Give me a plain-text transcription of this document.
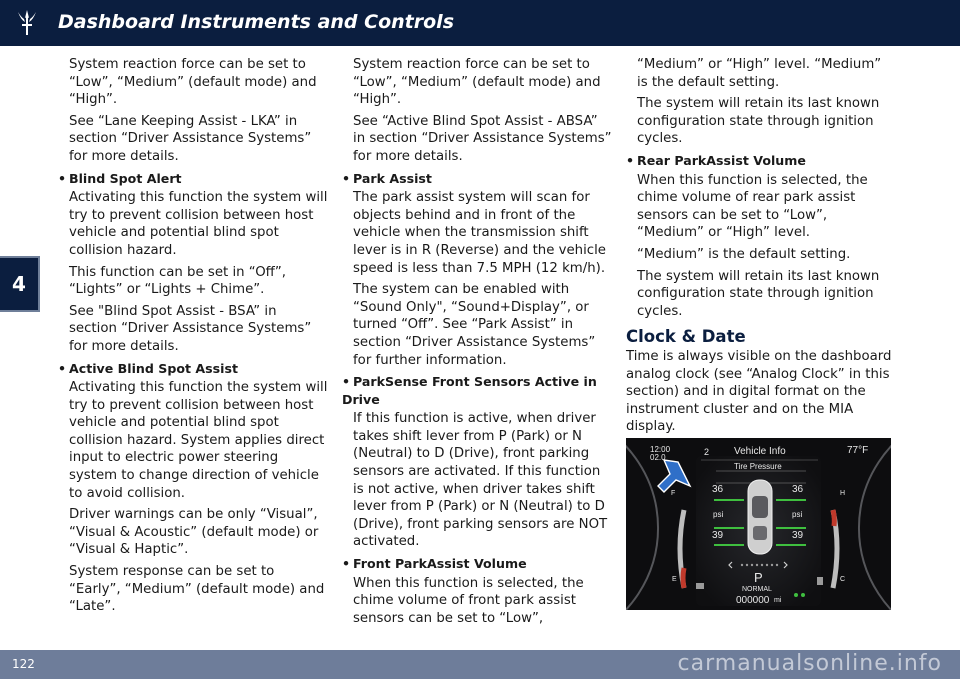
Dashboard Instruments and Controls
4
System reaction force can be set to “Low”, “Medium” (default mode) and “High”.
See “Lane Keeping Assist - LKA” in section “Driver Assistance Systems” for more details.
• Blind Spot Alert
Activating this function the system will try to prevent collision between host vehicle and potential blind spot collision hazard.
This function can be set in “Off”, “Lights” or “Lights + Chime”.
See "Blind Spot Assist - BSA” in section “Driver Assistance Systems” for more details.
• Active Blind Spot Assist
Activating this function the system will try to prevent collision between host vehicle and potential blind spot collision hazard. System applies direct input to electric power steering system to change direction of vehicle to avoid collision.
Driver warnings can be only “Visual”, “Visual & Acoustic” (default mode) or “Visual & Haptic”.
System response can be set to “Early”, “Medium” (default mode) and “Late”.
System reaction force can be set to “Low”, “Medium” (default mode) and “High”.
See “Active Blind Spot Assist - ABSA” in section “Driver Assistance Systems” for more details.
• Park Assist
The park assist system will scan for objects behind and in front of the vehicle when the transmission shift lever is in R (Reverse) and the vehicle speed is less than 7.5 MPH (12 km/h).
The system can be enabled with “Sound Only", “Sound+Display”, or turned “Off”. See “Park Assist” in section “Driver Assistance Systems” for further information.
• ParkSense Front Sensors Active in Drive
If this function is active, when driver takes shift lever from P (Park) or N (Neutral) to D (Drive), front parking sensors are activated. If this function is not active, when driver takes shift lever from P (Park) or N (Neutral) to D (Drive), front parking sensors are NOT activated.
• Front ParkAssist Volume
When this function is selected, the chime volume of front park assist sensors can be set to “Low”,
“Medium” or “High” level. “Medium” is the default setting.
The system will retain its last known configuration state through ignition cycles.
• Rear ParkAssist Volume
When this function is selected, the chime volume of rear park assist sensors can be set to “Low”, “Medium” or “High” level.
“Medium” is the default setting.
The system will retain its last known configuration state through ignition cycles.
Clock & Date
Time is always visible on the dashboard analog clock (see “Analog Clock” in this section) and in digital format on the instrument cluster and on the MIA display.
12:00
02.0
2 Vehicle Info	77°F
Tire Pressure
36	36
psi	psi
39	39
P
NORMAL
000000 mi
F
E
H
C
122	carmanualsonline.info
